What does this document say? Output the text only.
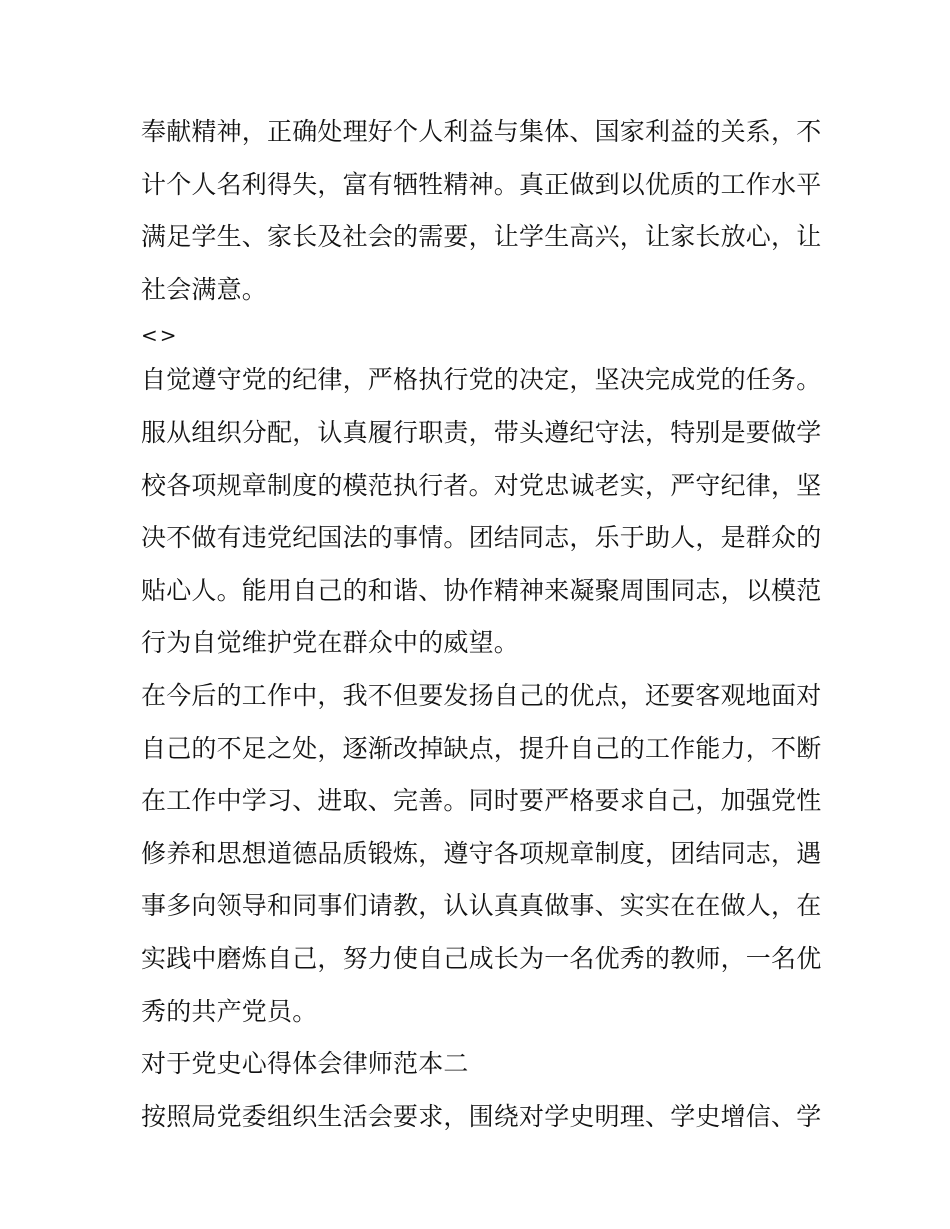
奉献精神，正确处理好个人利益与集体、国家利益的关系，不
计个人名利得失，富有牺牲精神。真正做到以优质的工作水平
满足学生、家长及社会的需要，让学生高兴，让家长放心，让
社会满意。
<>
自觉遵守党的纪律，严格执行党的决定，坚决完成党的任务。
服从组织分配，认真履行职责，带头遵纪守法，特别是要做学
校各项规章制度的模范执行者。对党忠诚老实，严守纪律，坚
决不做有违党纪国法的事情。团结同志，乐于助人，是群众的
贴心人。能用自己的和谐、协作精神来凝聚周围同志，以模范
行为自觉维护党在群众中的威望。
在今后的工作中，我不但要发扬自己的优点，还要客观地面对
自己的不足之处，逐渐改掉缺点，提升自己的工作能力，不断
在工作中学习、进取、完善。同时要严格要求自己，加强党性
修养和思想道德品质锻炼，遵守各项规章制度，团结同志，遇
事多向领导和同事们请教，认认真真做事、实实在在做人，在
实践中磨炼自己，努力使自己成长为一名优秀的教师，一名优
秀的共产党员。
对于党史心得体会律师范本二
按照局党委组织生活会要求，围绕对学史明理、学史增信、学
